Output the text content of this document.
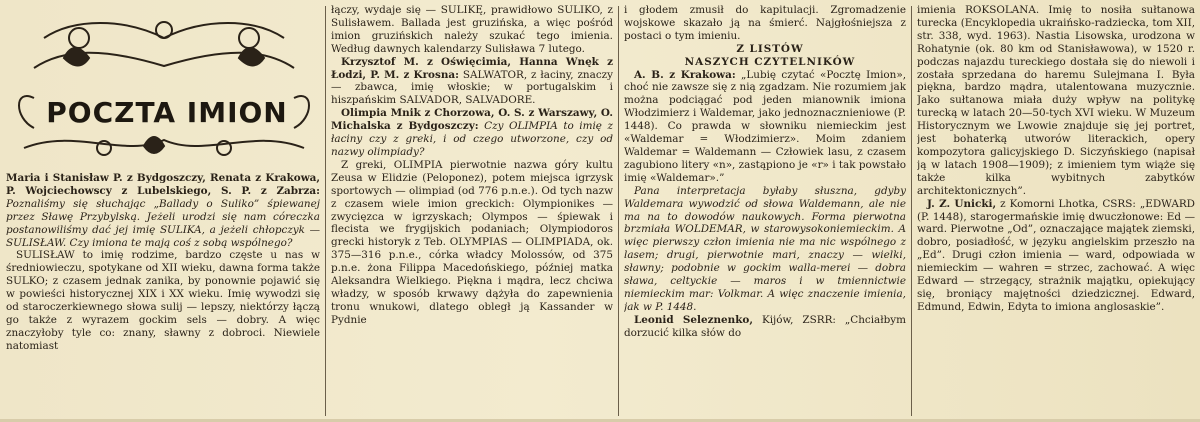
POCZTA IMION

Maria i Stanisław P. z Bydgoszczy, Renata z Krakowa, P. Wojciechowscy z Lubelskiego, S. P. z Zabrza: Poznaliśmy się słuchając „Ballady o Suliko” śpiewanej przez Sławę Przybylską. Jeżeli urodzi się nam córeczka postanowiliśmy dać jej imię SULIKA, a jeżeli chłopczyk — SULISŁAW. Czy imiona te mają coś z sobą wspólnego?

SULISŁAW to imię rodzime, bardzo częste u nas w średniowieczu, spotykane od XII wieku, dawna forma także SULKO; z czasem jednak zanika, by ponownie pojawić się w powieści historycznej XIX i XX wieku. Imię wywodzi się od staroczerkiewnego słowa sulij — lepszy, niektórzy łączą go także z wyrazem gockim sels — dobry. A więc znaczyłoby tyle co: znany, sławny z dobroci. Niewiele natomiast

łączy, wydaje się — SULIKĘ, prawidłowo SULIKO, z Sulisławem. Ballada jest gruzińska, a więc pośród imion gruzińskich należy szukać tego imienia. Według dawnych kalendarzy Sulisława 7 lutego.

Krzysztof M. z Oświęcimia, Hanna Wnęk z Łodzi, P. M. z Krosna: SALWATOR, z łaciny, znaczy — zbawca, imię włoskie; w portugalskim i hiszpańskim SALVADOR, SALVADORE.

Olimpia Mnik z Chorzowa, O. S. z Warszawy, O. Michalska z Bydgoszczy: Czy OLIMPIA to imię z łaciny czy z greki, i od czego utworzone, czy od nazwy olimpiady?

Z greki, OLIMPIA pierwotnie nazwa góry kultu Zeusa w Elidzie (Peloponez), potem miejsca igrzysk sportowych — olimpiad (od 776 p.n.e.). Od tych nazw z czasem wiele imion greckich: Olympionikes — zwycięzca w igrzyskach; Olympos — śpiewak i flecista we frygijskich podaniach; Olympiodoros grecki historyk z Teb. OLYMPIAS — OLIMPIADA, ok. 375—316 p.n.e., córka władcy Molossów, od 375 p.n.e. żona Filippa Macedońskiego, później matka Aleksandra Wielkiego. Piękna i mądra, lecz chciwa władzy, w sposób krwawy dążyła do zapewnienia tronu wnukowi, dlatego obległ ją Kassander w Pydnie

i głodem zmusił do kapitulacji. Zgromadzenie wojskowe skazało ją na śmierć. Najgłośniejsza z postaci o tym imieniu.

Z LISTÓW

NASZYCH CZYTELNIKÓW

A. B. z Krakowa: „Lubię czytać «Pocztę Imion», choć nie zawsze się z nią zgadzam. Nie rozumiem jak można podciągać pod jeden mianownik imiona Włodzimierz i Waldemar, jako jednoznacznieniowe (P. 1448). Co prawda w słowniku niemieckim jest «Waldemar = Włodzimierz». Moim zdaniem Waldemar = Waldemann — Człowiek lasu, z czasem zagubiono litery «n», zastąpiono je «r» i tak powstało imię «Waldemar».”

Pana interpretacja byłaby słuszna, gdyby Waldemara wywodzić od słowa Waldemann, ale nie ma na to dowodów naukowych. Forma pierwotna brzmiała WOLDEMAR, w starowysokoniemieckim. A więc pierwszy człon imienia nie ma nic wspólnego z lasem; drugi, pierwotnie mari, znaczy — wielki, sławny; podobnie w gockim walla-merei — dobra sława, celtyckie — maros i w tmiennictwie niemieckim mar: Volkmar. A więc znaczenie imienia, jak w P. 1448.

Leonid Seleznenko, Kijów, ZSRR: „Chciałbym dorzucić kilka słów do

imienia ROKSOLANA. Imię to nosiła sułtanowa turecka (Encyklopedia ukraińsko-radziecka, tom XII, str. 338, wyd. 1963). Nastia Lisowska, urodzona w Rohatynie (ok. 80 km od Stanisławowa), w 1520 r. podczas najazdu tureckiego dostała się do niewoli i została sprzedana do haremu Sulejmana I. Była piękna, bardzo mądra, utalentowana muzycznie. Jako sułtanowa miała duży wpływ na politykę turecką w latach 20—50-tych XVI wieku. W Muzeum Historycznym we Lwowie znajduje się jej portret, jest bohaterką utworów literackich, opery kompozytora galicyjskiego D. Siczyńskiego (napisał ją w latach 1908—1909); z imieniem tym wiąże się także kilka wybitnych zabytków architektonicznych”.

J. Z. Unicki, z Komorni Lhotka, CSRS: „EDWARD (P. 1448), starogermańskie imię dwuczłonowe: Ed — ward. Pierwotne „Od”, oznaczające majątek ziemski, dobro, posiadłość, w języku angielskim przeszło na „Ed”. Drugi człon imienia — ward, odpowiada w niemieckim — wahren = strzec, zachować. A więc Edward — strzegący, strażnik majątku, opiekujący się, broniący majętności dziedzicznej. Edward, Edmund, Edwin, Edyta to imiona anglosaskie”.
